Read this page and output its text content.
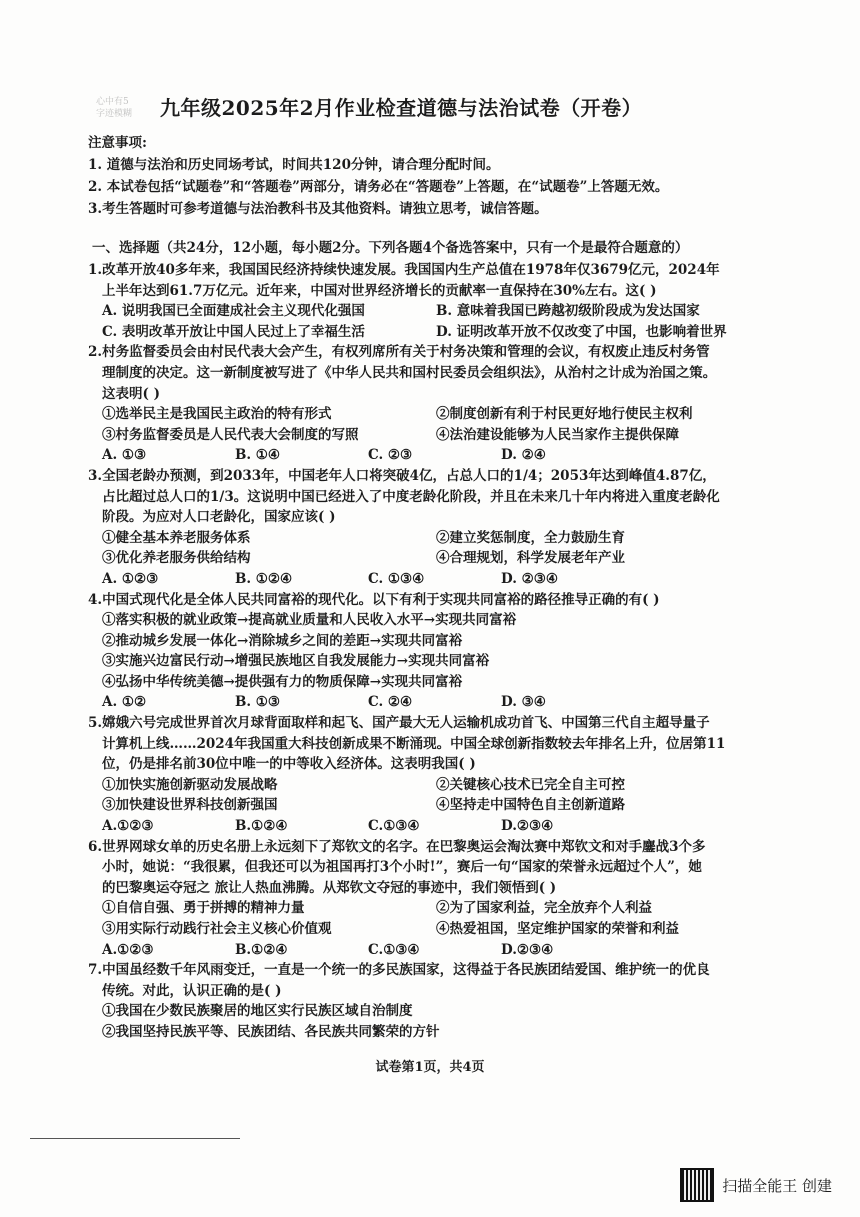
心中有5
字迹模糊	九年级2025年2月作业检查道德与法治试卷（开卷）
注意事项:
1. 道德与法治和历史同场考试，时间共120分钟，请合理分配时间。
2. 本试卷包括“试题卷”和“答题卷”两部分，请务必在“答题卷”上答题，在“试题卷”上答题无效。
3.考生答题时可参考道德与法治教科书及其他资料。请独立思考，诚信答题。
一、选择题（共24分，12小题，每小题2分。下列各题4个备选答案中，只有一个是最符合题意的）
1.改革开放40多年来，我国国民经济持续快速发展。我国国内生产总值在1978年仅3679亿元，2024年
上半年达到61.7万亿元。近年来，中国对世界经济增长的贡献率一直保持在30%左右。这( )
A. 说明我国已全面建成社会主义现代化强国	B. 意味着我国已跨越初级阶段成为发达国家
C. 表明改革开放让中国人民过上了幸福生活	D. 证明改革开放不仅改变了中国，也影响着世界
2.村务监督委员会由村民代表大会产生，有权列席所有关于村务决策和管理的会议，有权废止违反村务管
理制度的决定。这一新制度被写进了《中华人民共和国村民委员会组织法》，从治村之计成为治国之策。
这表明( )
①选举民主是我国民主政治的特有形式	②制度创新有利于村民更好地行使民主权利
③村务监督委员是人民代表大会制度的写照	④法治建设能够为人民当家作主提供保障
A. ①③	B. ①④	C. ②③	D. ②④
3.全国老龄办预测，到2033年，中国老年人口将突破4亿，占总人口的1/4；2053年达到峰值4.87亿，
占比超过总人口的1/3。这说明中国已经进入了中度老龄化阶段，并且在未来几十年内将进入重度老龄化
阶段。为应对人口老龄化，国家应该( )
①健全基本养老服务体系	②建立奖惩制度，全力鼓励生育
③优化养老服务供给结构	④合理规划，科学发展老年产业
A. ①②③	B. ①②④	C. ①③④	D. ②③④
4.中国式现代化是全体人民共同富裕的现代化。以下有利于实现共同富裕的路径推导正确的有( )
①落实积极的就业政策→提高就业质量和人民收入水平→实现共同富裕
②推动城乡发展一体化→消除城乡之间的差距→实现共同富裕
③实施兴边富民行动→增强民族地区自我发展能力→实现共同富裕
④弘扬中华传统美德→提供强有力的物质保障→实现共同富裕
A. ①②	B. ①③	C. ②④	D. ③④
5.嫦娥六号完成世界首次月球背面取样和起飞、国产最大无人运输机成功首飞、中国第三代自主超导量子
计算机上线……2024年我国重大科技创新成果不断涌现。中国全球创新指数较去年排名上升，位居第11
位，仍是排名前30位中唯一的中等收入经济体。这表明我国( )
①加快实施创新驱动发展战略	②关键核心技术已完全自主可控
③加快建设世界科技创新强国	④坚持走中国特色自主创新道路
A.①②③	B.①②④	C.①③④	D.②③④
6.世界网球女单的历史名册上永远刻下了郑钦文的名字。在巴黎奥运会淘汰赛中郑钦文和对手鏖战3个多
小时，她说：“我很累，但我还可以为祖国再打3个小时!”，赛后一句“国家的荣誉永远超过个人”，她
的巴黎奥运夺冠之 旅让人热血沸腾。从郑钦文夺冠的事迹中，我们领悟到( )
①自信自强、勇于拼搏的精神力量	②为了国家利益，完全放弃个人利益
③用实际行动践行社会主义核心价值观	④热爱祖国，坚定维护国家的荣誉和利益
A.①②③	B.①②④	C.①③④	D.②③④
7.中国虽经数千年风雨变迁，一直是一个统一的多民族国家，这得益于各民族团结爱国、维护统一的优良
传统。对此，认识正确的是( )
①我国在少数民族聚居的地区实行民族区域自治制度
②我国坚持民族平等、民族团结、各民族共同繁荣的方针
试卷第1页，共4页
扫描全能王 创建
